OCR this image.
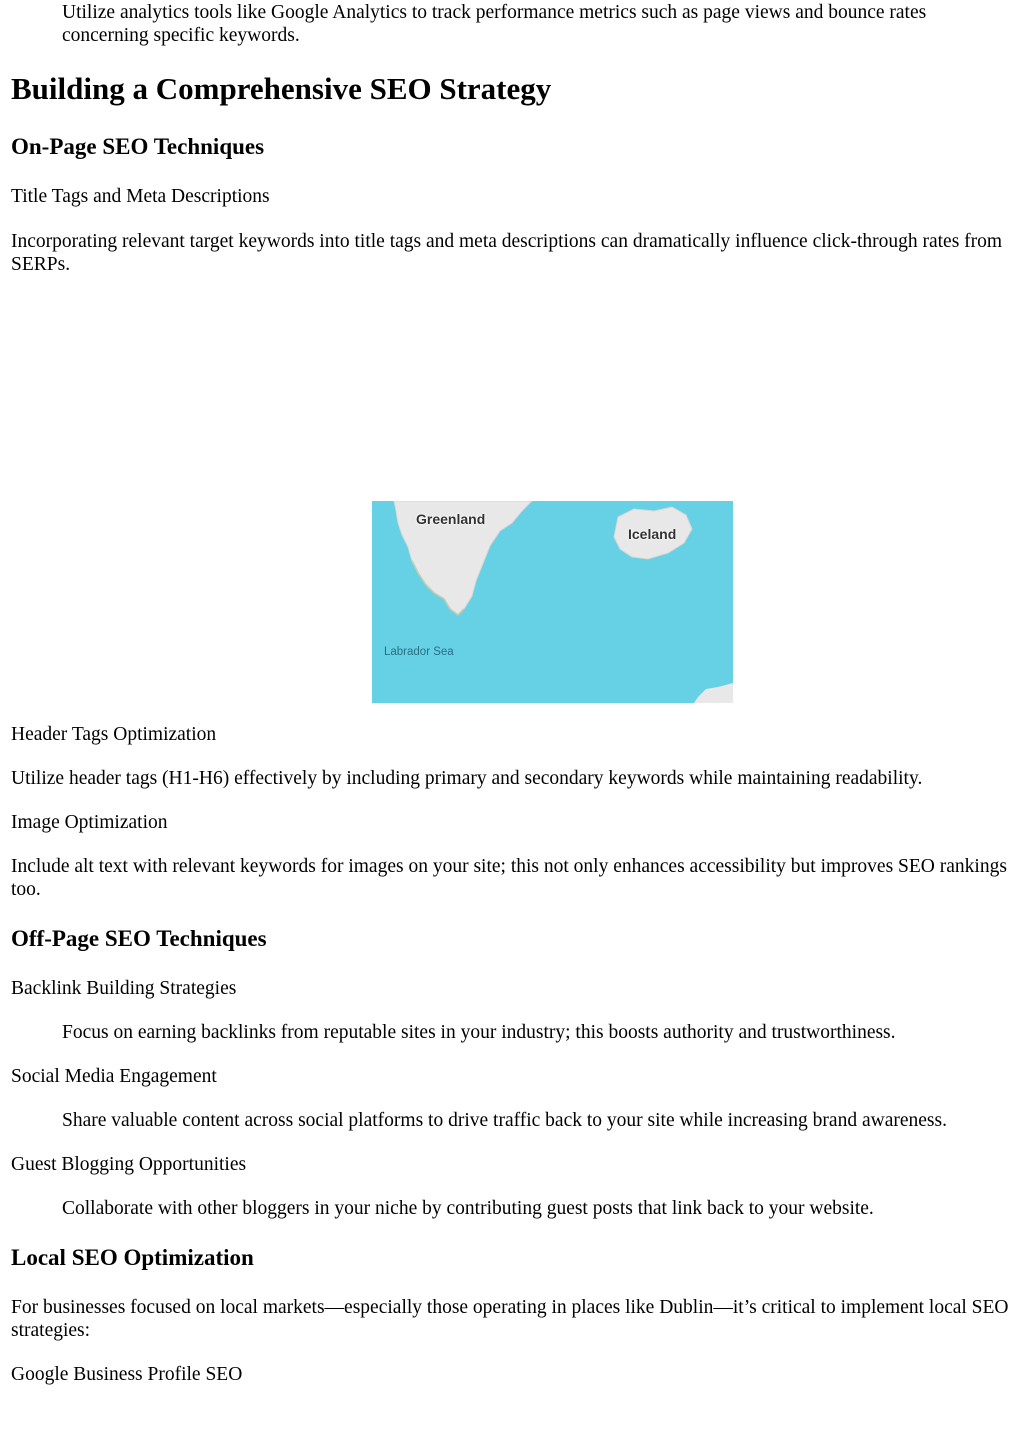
Utilize analytics tools like Google Analytics to track performance metrics such as page views and bounce rates concerning specific keywords.

Building a Comprehensive SEO Strategy
On-Page SEO Techniques

Title Tags and Meta Descriptions

Incorporating relevant target keywords into title tags and meta descriptions can dramatically influence click-through rates from SERPs.

Greenland
Iceland
Labrador Sea

Header Tags Optimization

Utilize header tags (H1-H6) effectively by including primary and secondary keywords while maintaining readability.

Image Optimization

Include alt text with relevant keywords for images on your site; this not only enhances accessibility but improves SEO rankings too.

Off-Page SEO Techniques

Backlink Building Strategies

Focus on earning backlinks from reputable sites in your industry; this boosts authority and trustworthiness.

Social Media Engagement

Share valuable content across social platforms to drive traffic back to your site while increasing brand awareness.

Guest Blogging Opportunities

Collaborate with other bloggers in your niche by contributing guest posts that link back to your website.

Local SEO Optimization

For businesses focused on local markets—especially those operating in places like Dublin—it’s critical to implement local SEO strategies:

Google Business Profile SEO
